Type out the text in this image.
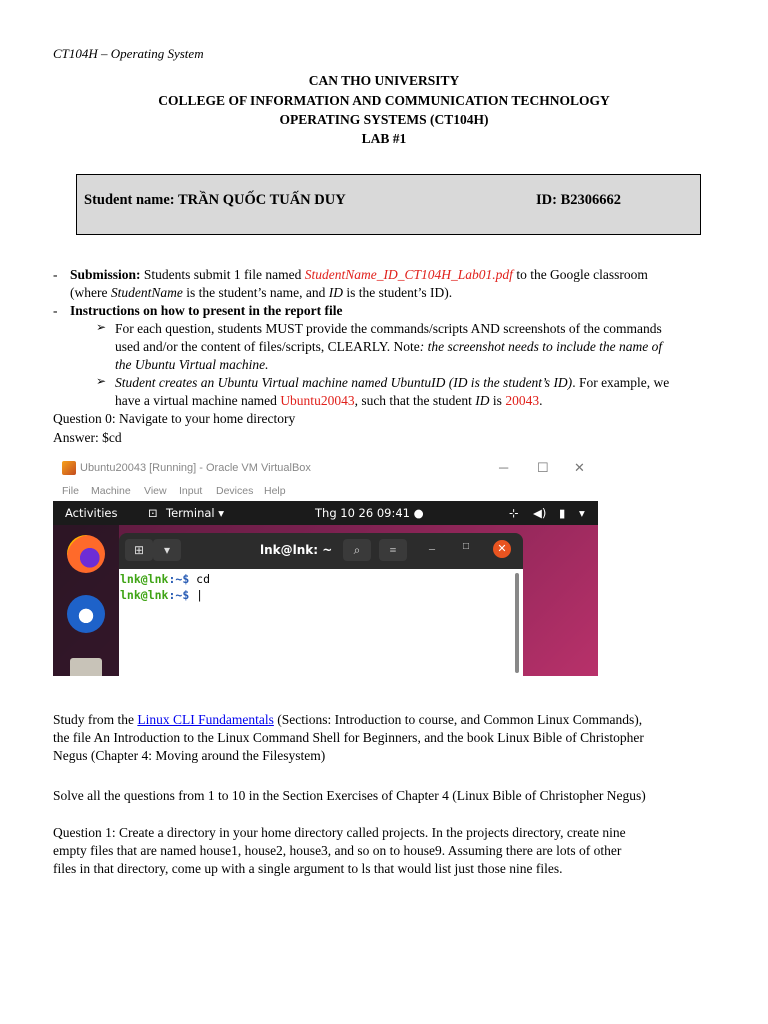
CT104H – Operating System
CAN THO UNIVERSITY
COLLEGE OF INFORMATION AND COMMUNICATION TECHNOLOGY
OPERATING SYSTEMS (CT104H)
LAB #1
Student name: TRẦN QUỐC TUẤN DUY	ID: B2306662
- Submission: Students submit 1 file named StudentName_ID_CT104H_Lab01.pdf to the Google classroom
(where StudentName is the student’s name, and ID is the student’s ID).
- Instructions on how to present in the report file
➢ For each question, students MUST provide the commands/scripts AND screenshots of the commands
used and/or the content of files/scripts, CLEARLY. Note: the screenshot needs to include the name of
the Ubuntu Virtual machine.
➢ Student creates an Ubuntu Virtual machine named UbuntuID (ID is the student’s ID). For example, we
have a virtual machine named Ubuntu20043, such that the student ID is 20043.
Question 0: Navigate to your home directory
Answer: $cd
Ubuntu20043 [Running] - Oracle VM VirtualBox	─ ☐ ✕
File Machine View Input Devices Help
Activities	⊡ Terminal ▾	Thg 10 26 09:41 ●	⊹ ◀) ▮ ▾
⊞	▾	lnk@lnk: ~	⌕	≡	–	□	✕
lnk@lnk:~$ cd
lnk@lnk:~$ |
Study from the Linux CLI Fundamentals (Sections: Introduction to course, and Common Linux Commands),
the file An Introduction to the Linux Command Shell for Beginners, and the book Linux Bible of Christopher
Negus (Chapter 4: Moving around the Filesystem)
Solve all the questions from 1 to 10 in the Section Exercises of Chapter 4 (Linux Bible of Christopher Negus)
Question 1: Create a directory in your home directory called projects. In the projects directory, create nine
empty files that are named house1, house2, house3, and so on to house9. Assuming there are lots of other
files in that directory, come up with a single argument to ls that would list just those nine files.
